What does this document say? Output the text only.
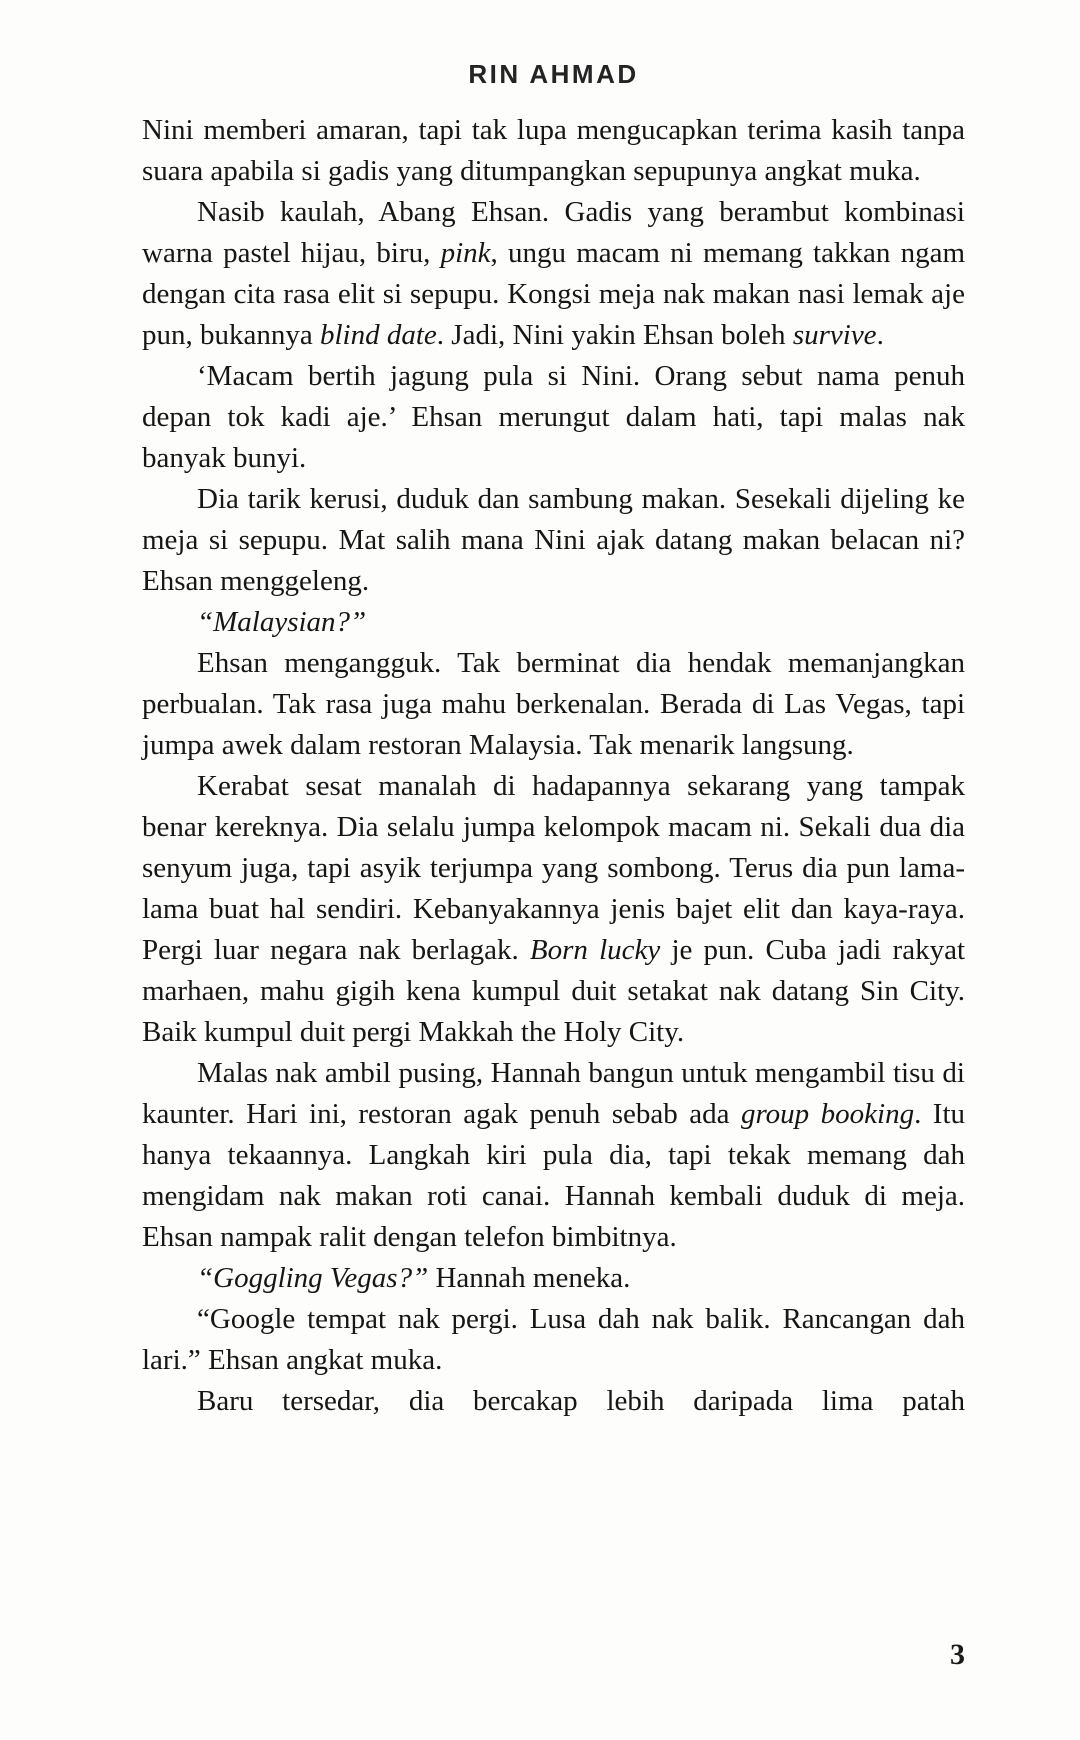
RIN AHMAD

Nini memberi amaran, tapi tak lupa mengucapkan terima kasih tanpa suara apabila si gadis yang ditumpangkan sepupunya angkat muka.

Nasib kaulah, Abang Ehsan. Gadis yang berambut kombinasi warna pastel hijau, biru, pink, ungu macam ni memang takkan ngam dengan cita rasa elit si sepupu. Kongsi meja nak makan nasi lemak aje pun, bukannya blind date. Jadi, Nini yakin Ehsan boleh survive.

‘Macam bertih jagung pula si Nini. Orang sebut nama penuh depan tok kadi aje.’ Ehsan merungut dalam hati, tapi malas nak banyak bunyi.

Dia tarik kerusi, duduk dan sambung makan. Sesekali dijeling ke meja si sepupu. Mat salih mana Nini ajak datang makan belacan ni? Ehsan menggeleng.

“Malaysian?”

Ehsan mengangguk. Tak berminat dia hendak memanjangkan perbualan. Tak rasa juga mahu berkenalan. Berada di Las Vegas, tapi jumpa awek dalam restoran Malaysia. Tak menarik langsung.

Kerabat sesat manalah di hadapannya sekarang yang tampak benar kereknya. Dia selalu jumpa kelompok macam ni. Sekali dua dia senyum juga, tapi asyik terjumpa yang sombong. Terus dia pun lama-lama buat hal sendiri. Kebanyakannya jenis bajet elit dan kaya-raya. Pergi luar negara nak berlagak. Born lucky je pun. Cuba jadi rakyat marhaen, mahu gigih kena kumpul duit setakat nak datang Sin City. Baik kumpul duit pergi Makkah the Holy City.

Malas nak ambil pusing, Hannah bangun untuk mengambil tisu di kaunter. Hari ini, restoran agak penuh sebab ada group booking. Itu hanya tekaannya. Langkah kiri pula dia, tapi tekak memang dah mengidam nak makan roti canai. Hannah kembali duduk di meja. Ehsan nampak ralit dengan telefon bimbitnya.

“Goggling Vegas?” Hannah meneka.

“Google tempat nak pergi. Lusa dah nak balik. Rancangan dah lari.” Ehsan angkat muka.

Baru tersedar, dia bercakap lebih daripada lima patah

3
